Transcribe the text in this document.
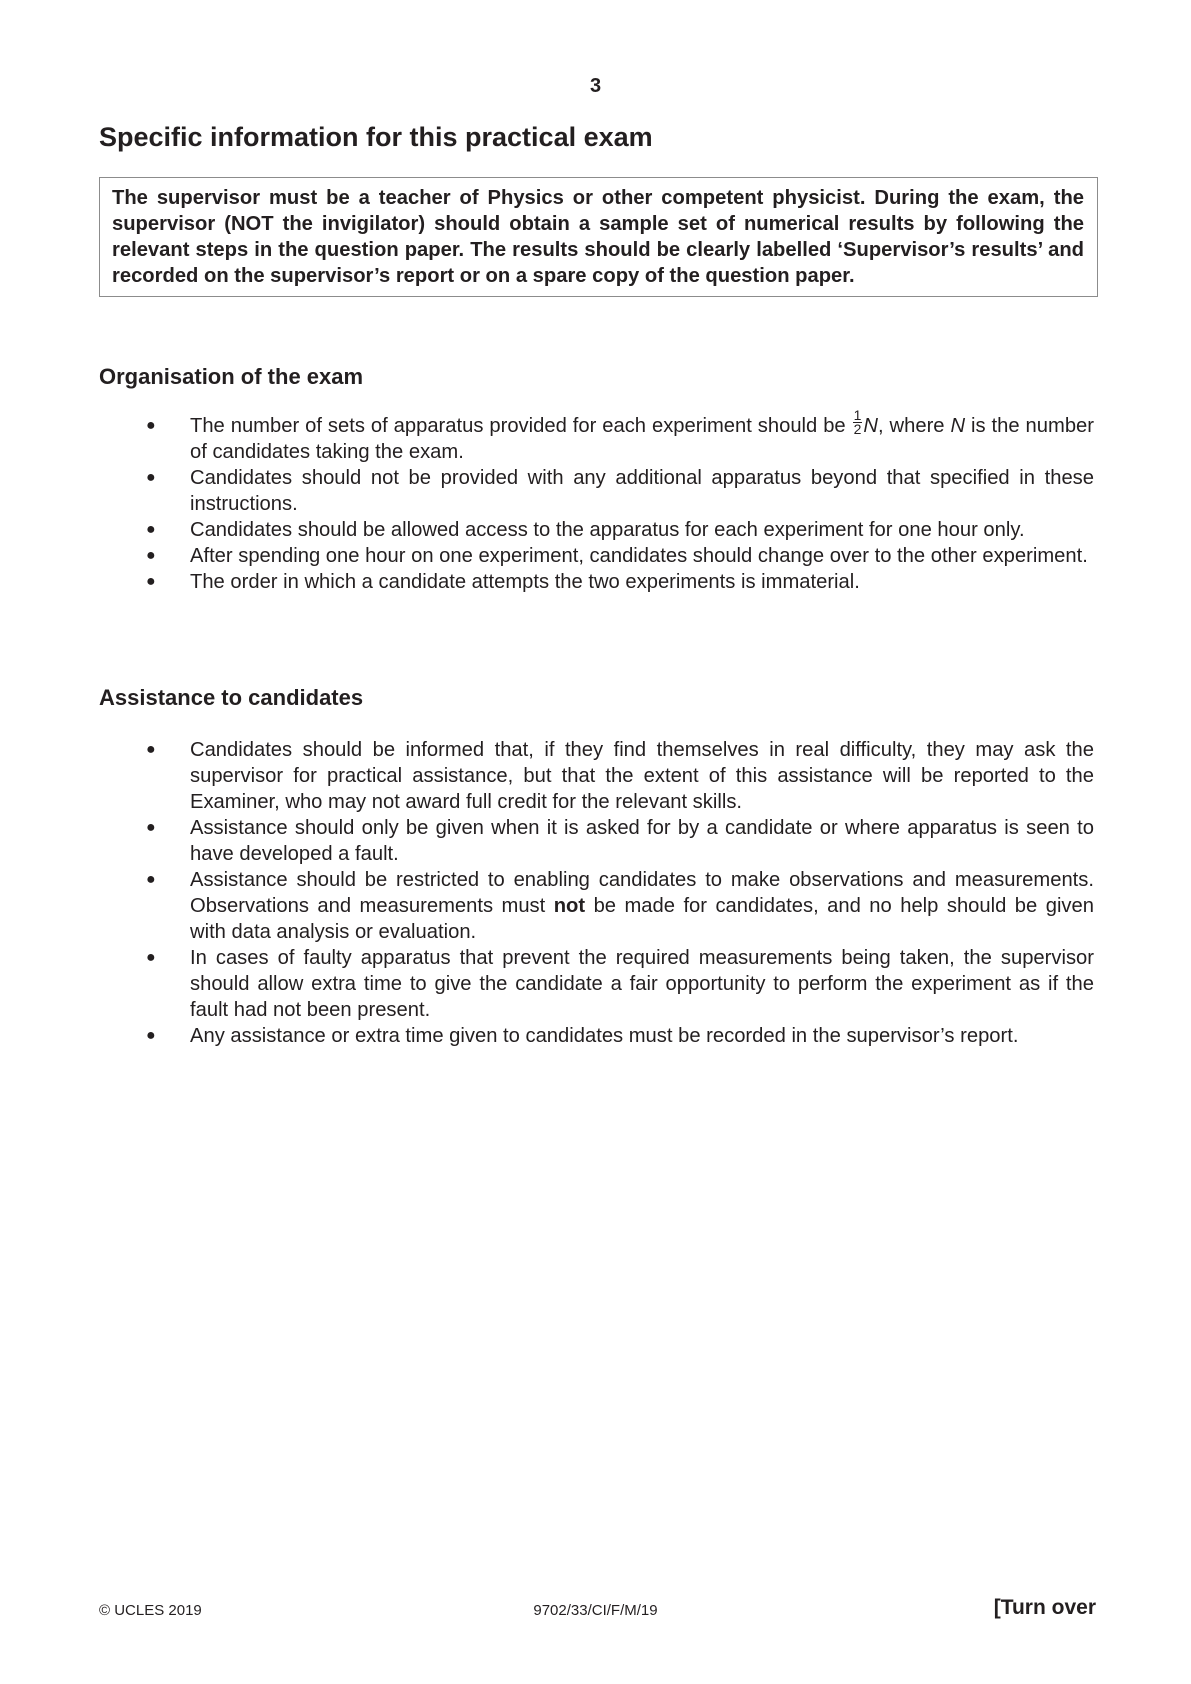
3
Specific information for this practical exam
The supervisor must be a teacher of Physics or other competent physicist. During the exam, the supervisor (NOT the invigilator) should obtain a sample set of numerical results by following the relevant steps in the question paper. The results should be clearly labelled ‘Supervisor’s results’ and recorded on the supervisor’s report or on a spare copy of the question paper.
Organisation of the exam
● The number of sets of apparatus provided for each experiment should be $\frac{1}{2} N$, where N is the number of candidates taking the exam.
● Candidates should not be provided with any additional apparatus beyond that specified in these instructions.
● Candidates should be allowed access to the apparatus for each experiment for one hour only.
● After spending one hour on one experiment, candidates should change over to the other experiment.
● The order in which a candidate attempts the two experiments is immaterial.
Assistance to candidates
● Candidates should be informed that, if they find themselves in real difficulty, they may ask the supervisor for practical assistance, but that the extent of this assistance will be reported to the Examiner, who may not award full credit for the relevant skills.
● Assistance should only be given when it is asked for by a candidate or where apparatus is seen to have developed a fault.
● Assistance should be restricted to enabling candidates to make observations and measurements. Observations and measurements must not be made for candidates, and no help should be given with data analysis or evaluation.
● In cases of faulty apparatus that prevent the required measurements being taken, the supervisor should allow extra time to give the candidate a fair opportunity to perform the experiment as if the fault had not been present.
● Any assistance or extra time given to candidates must be recorded in the supervisor’s report.
© UCLES 2019	9702/33/CI/F/M/19	[Turn over
